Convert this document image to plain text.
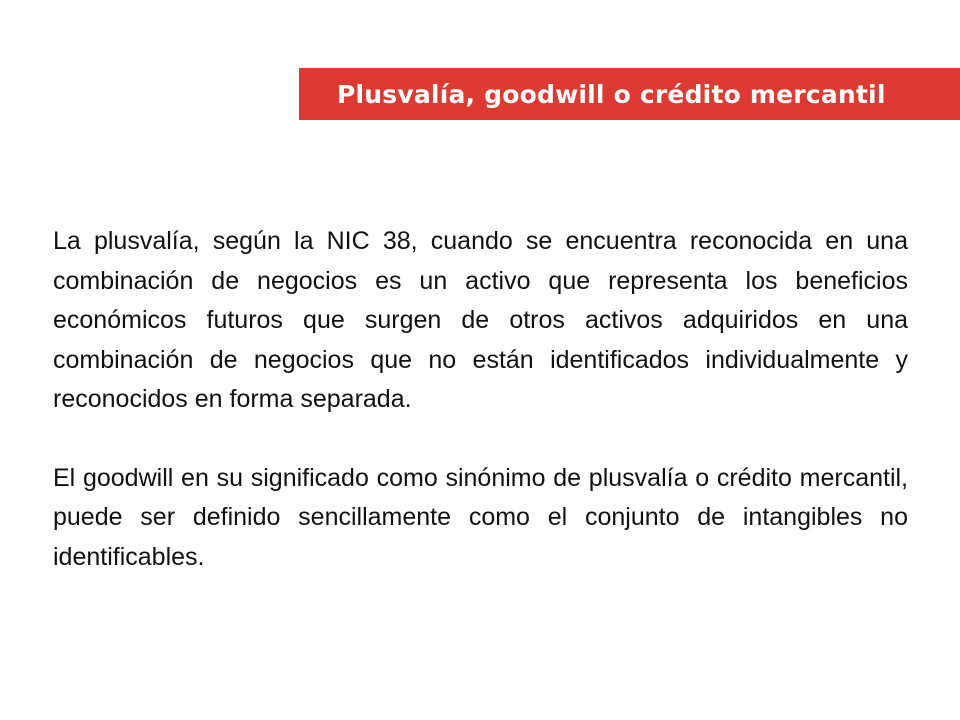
Plusvalía, goodwill o crédito mercantil

La plusvalía, según la NIC 38, cuando se encuentra reconocida en una combinación de negocios es un activo que representa los beneficios económicos futuros que surgen de otros activos adquiridos en una combinación de negocios que no están identificados individualmente y reconocidos en forma separada.

El goodwill en su significado como sinónimo de plusvalía o crédito mercantil, puede ser definido sencillamente como el conjunto de intangibles no identificables.
